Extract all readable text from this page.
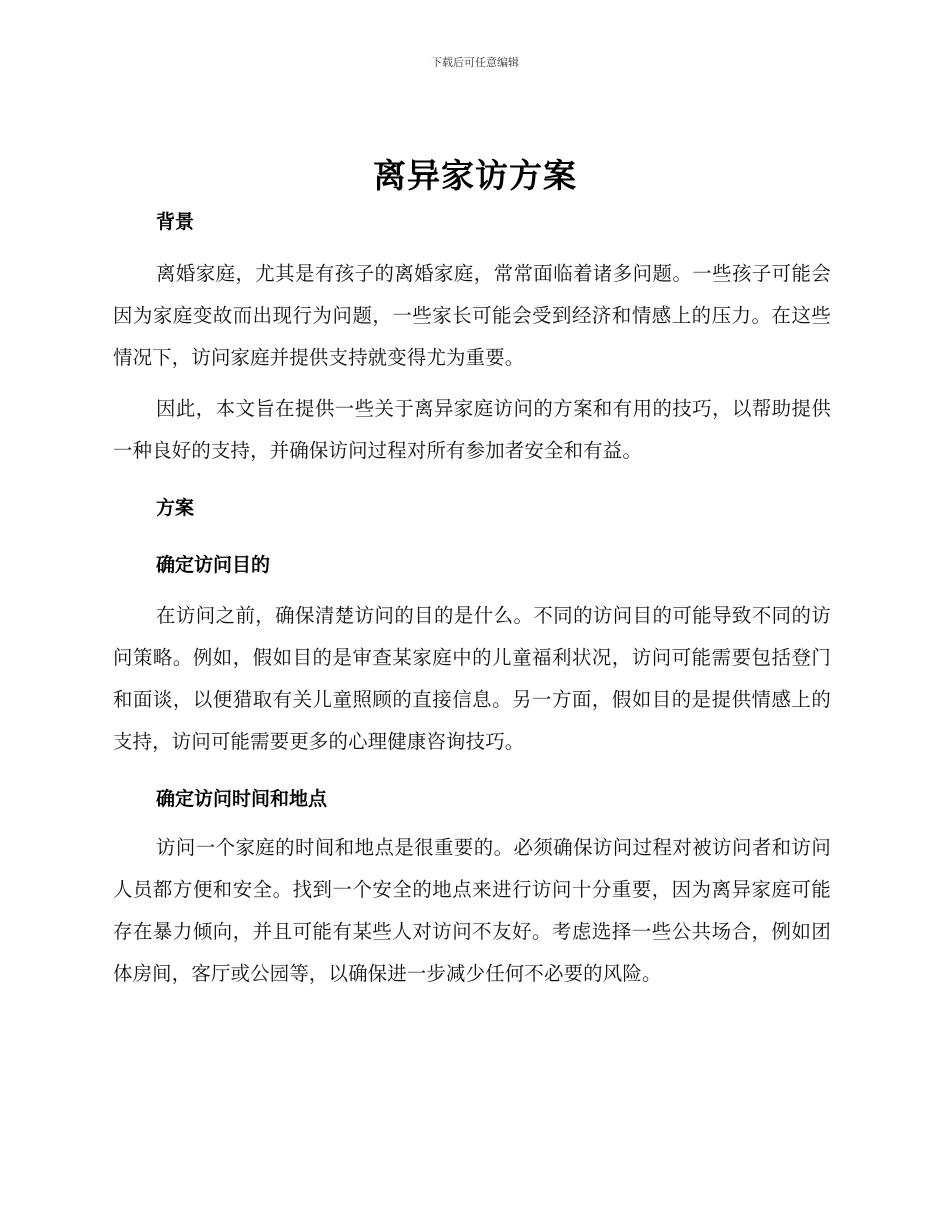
下载后可任意编辑
离异家访方案

背景

离婚家庭，尤其是有孩子的离婚家庭，常常面临着诸多问题。一些孩子可能会因为家庭变故而出现行为问题，一些家长可能会受到经济和情感上的压力。在这些情况下，访问家庭并提供支持就变得尤为重要。

因此，本文旨在提供一些关于离异家庭访问的方案和有用的技巧，以帮助提供一种良好的支持，并确保访问过程对所有参加者安全和有益。

方案

确定访问目的

在访问之前，确保清楚访问的目的是什么。不同的访问目的可能导致不同的访问策略。例如，假如目的是审查某家庭中的儿童福利状况，访问可能需要包括登门和面谈，以便猎取有关儿童照顾的直接信息。另一方面，假如目的是提供情感上的支持，访问可能需要更多的心理健康咨询技巧。

确定访问时间和地点

访问一个家庭的时间和地点是很重要的。必须确保访问过程对被访问者和访问人员都方便和安全。找到一个安全的地点来进行访问十分重要，因为离异家庭可能存在暴力倾向，并且可能有某些人对访问不友好。考虑选择一些公共场合，例如团体房间，客厅或公园等，以确保进一步减少任何不必要的风险。
